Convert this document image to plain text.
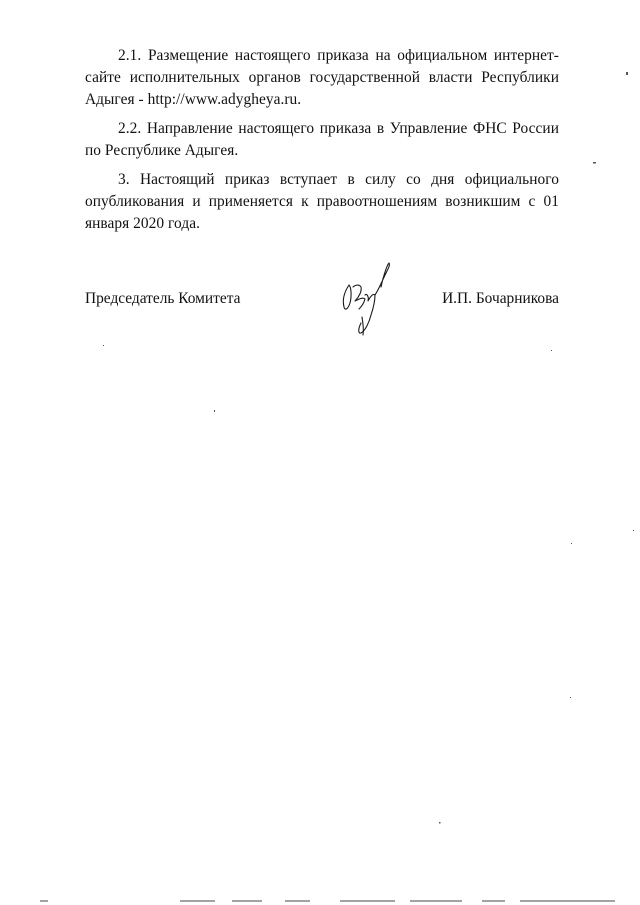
2.1. Размещение настоящего приказа на официальном интернет-сайте исполнительных органов государственной власти Республики Адыгея - http://www.adygheya.ru.

2.2. Направление настоящего приказа в Управление ФНС России по Республике Адыгея.

3. Настоящий приказ вступает в силу со дня официального опубликования и применяется к правоотношениям возникшим с 01 января 2020 года.

Председатель Комитета	И.П. Бочарникова
